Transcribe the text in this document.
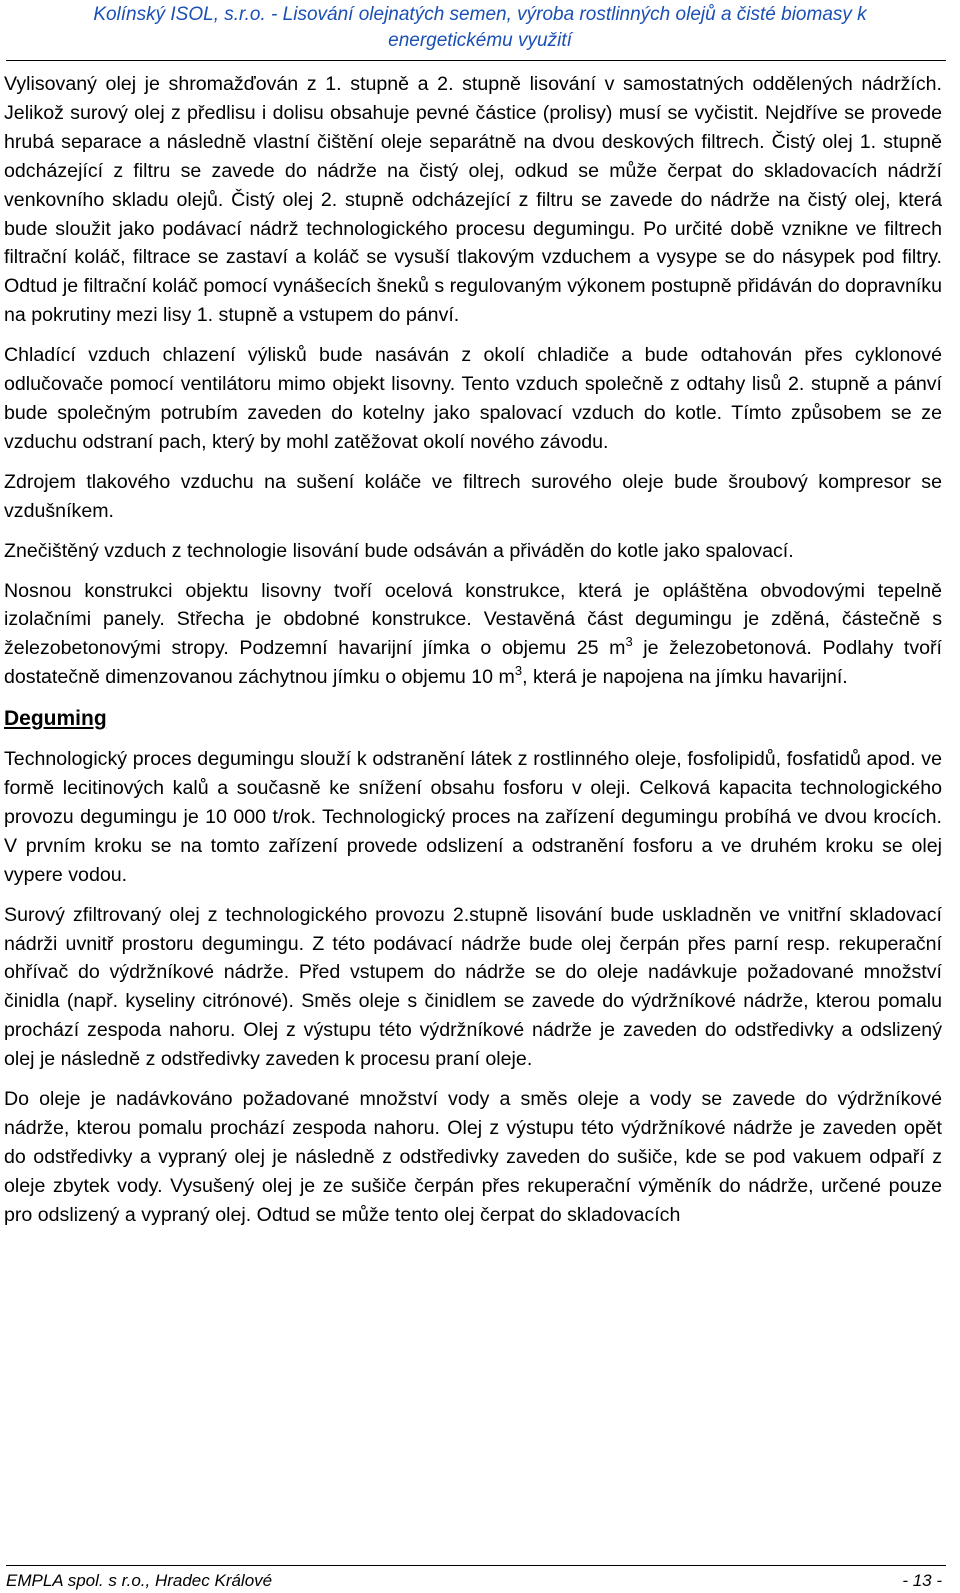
Kolínský ISOL, s.r.o. - Lisování olejnatých semen, výroba rostlinných olejů a čisté biomasy k
energetickému využití

Vylisovaný olej je shromažďován z 1. stupně a 2. stupně lisování v samostatných oddělených nádržích. Jelikož surový olej z předlisu i dolisu obsahuje pevné částice (prolisy) musí se vyčistit. Nejdříve se provede hrubá separace a následně vlastní čištění oleje separátně na dvou deskových filtrech. Čistý olej 1. stupně odcházející z filtru se zavede do nádrže na čistý olej, odkud se může čerpat do skladovacích nádrží venkovního skladu olejů. Čistý olej 2. stupně odcházející z filtru se zavede do nádrže na čistý olej, která bude sloužit jako podávací nádrž technologického procesu degumingu. Po určité době vznikne ve filtrech filtrační koláč, filtrace se zastaví a koláč se vysuší tlakovým vzduchem a vysype se do násypek pod filtry. Odtud je filtrační koláč pomocí vynášecích šneků s regulovaným výkonem postupně přidáván do dopravníku na pokrutiny mezi lisy 1. stupně a vstupem do pánví.

Chladící vzduch chlazení výlisků bude nasáván z okolí chladiče a bude odtahován přes cyklonové odlučovače pomocí ventilátoru mimo objekt lisovny. Tento vzduch společně z odtahy lisů 2. stupně a pánví bude společným potrubím zaveden do kotelny jako spalovací vzduch do kotle. Tímto způsobem se ze vzduchu odstraní pach, který by mohl zatěžovat okolí nového závodu.

Zdrojem tlakového vzduchu na sušení koláče ve filtrech surového oleje bude šroubový kompresor se vzdušníkem.

Znečištěný vzduch z technologie lisování bude odsáván a přiváděn do kotle jako spalovací.

Nosnou konstrukci objektu lisovny tvoří ocelová konstrukce, která je opláštěna obvodovými tepelně izolačními panely. Střecha je obdobné konstrukce. Vestavěná část degumingu je zděná, částečně s železobetonovými stropy. Podzemní havarijní jímka o objemu 25 $m^3$ je železobetonová. Podlahy tvoří dostatečně dimenzovanou záchytnou jímku o objemu 10 $m^3$, která je napojena na jímku havarijní.

Deguming

Technologický proces degumingu slouží k odstranění látek z rostlinného oleje, fosfolipidů, fosfatidů apod. ve formě lecitinových kalů a současně ke snížení obsahu fosforu v oleji. Celková kapacita technologického provozu degumingu je 10 000 t/rok. Technologický proces na zařízení degumingu probíhá ve dvou krocích. V prvním kroku se na tomto zařízení provede odslizení a odstranění fosforu a ve druhém kroku se olej vypere vodou.

Surový zfiltrovaný olej z technologického provozu 2.stupně lisování bude uskladněn ve vnitřní skladovací nádrži uvnitř prostoru degumingu. Z této podávací nádrže bude olej čerpán přes parní resp. rekuperační ohřívač do výdržníkové nádrže. Před vstupem do nádrže se do oleje nadávkuje požadované množství činidla (např. kyseliny citrónové). Směs oleje s činidlem se zavede do výdržníkové nádrže, kterou pomalu prochází zespoda nahoru. Olej z výstupu této výdržníkové nádrže je zaveden do odstředivky a odslizený olej je následně z odstředivky zaveden k procesu praní oleje.

Do oleje je nadávkováno požadované množství vody a směs oleje a vody se zavede do výdržníkové nádrže, kterou pomalu prochází zespoda nahoru. Olej z výstupu této výdržníkové nádrže je zaveden opět do odstředivky a vypraný olej je následně z odstředivky zaveden do sušiče, kde se pod vakuem odpaří z oleje zbytek vody. Vysušený olej je ze sušiče čerpán přes rekuperační výměník do nádrže, určené pouze pro odslizený a vypraný olej. Odtud se může tento olej čerpat do skladovacích

EMPLA spol. s r.o., Hradec Králové	- 13 -
